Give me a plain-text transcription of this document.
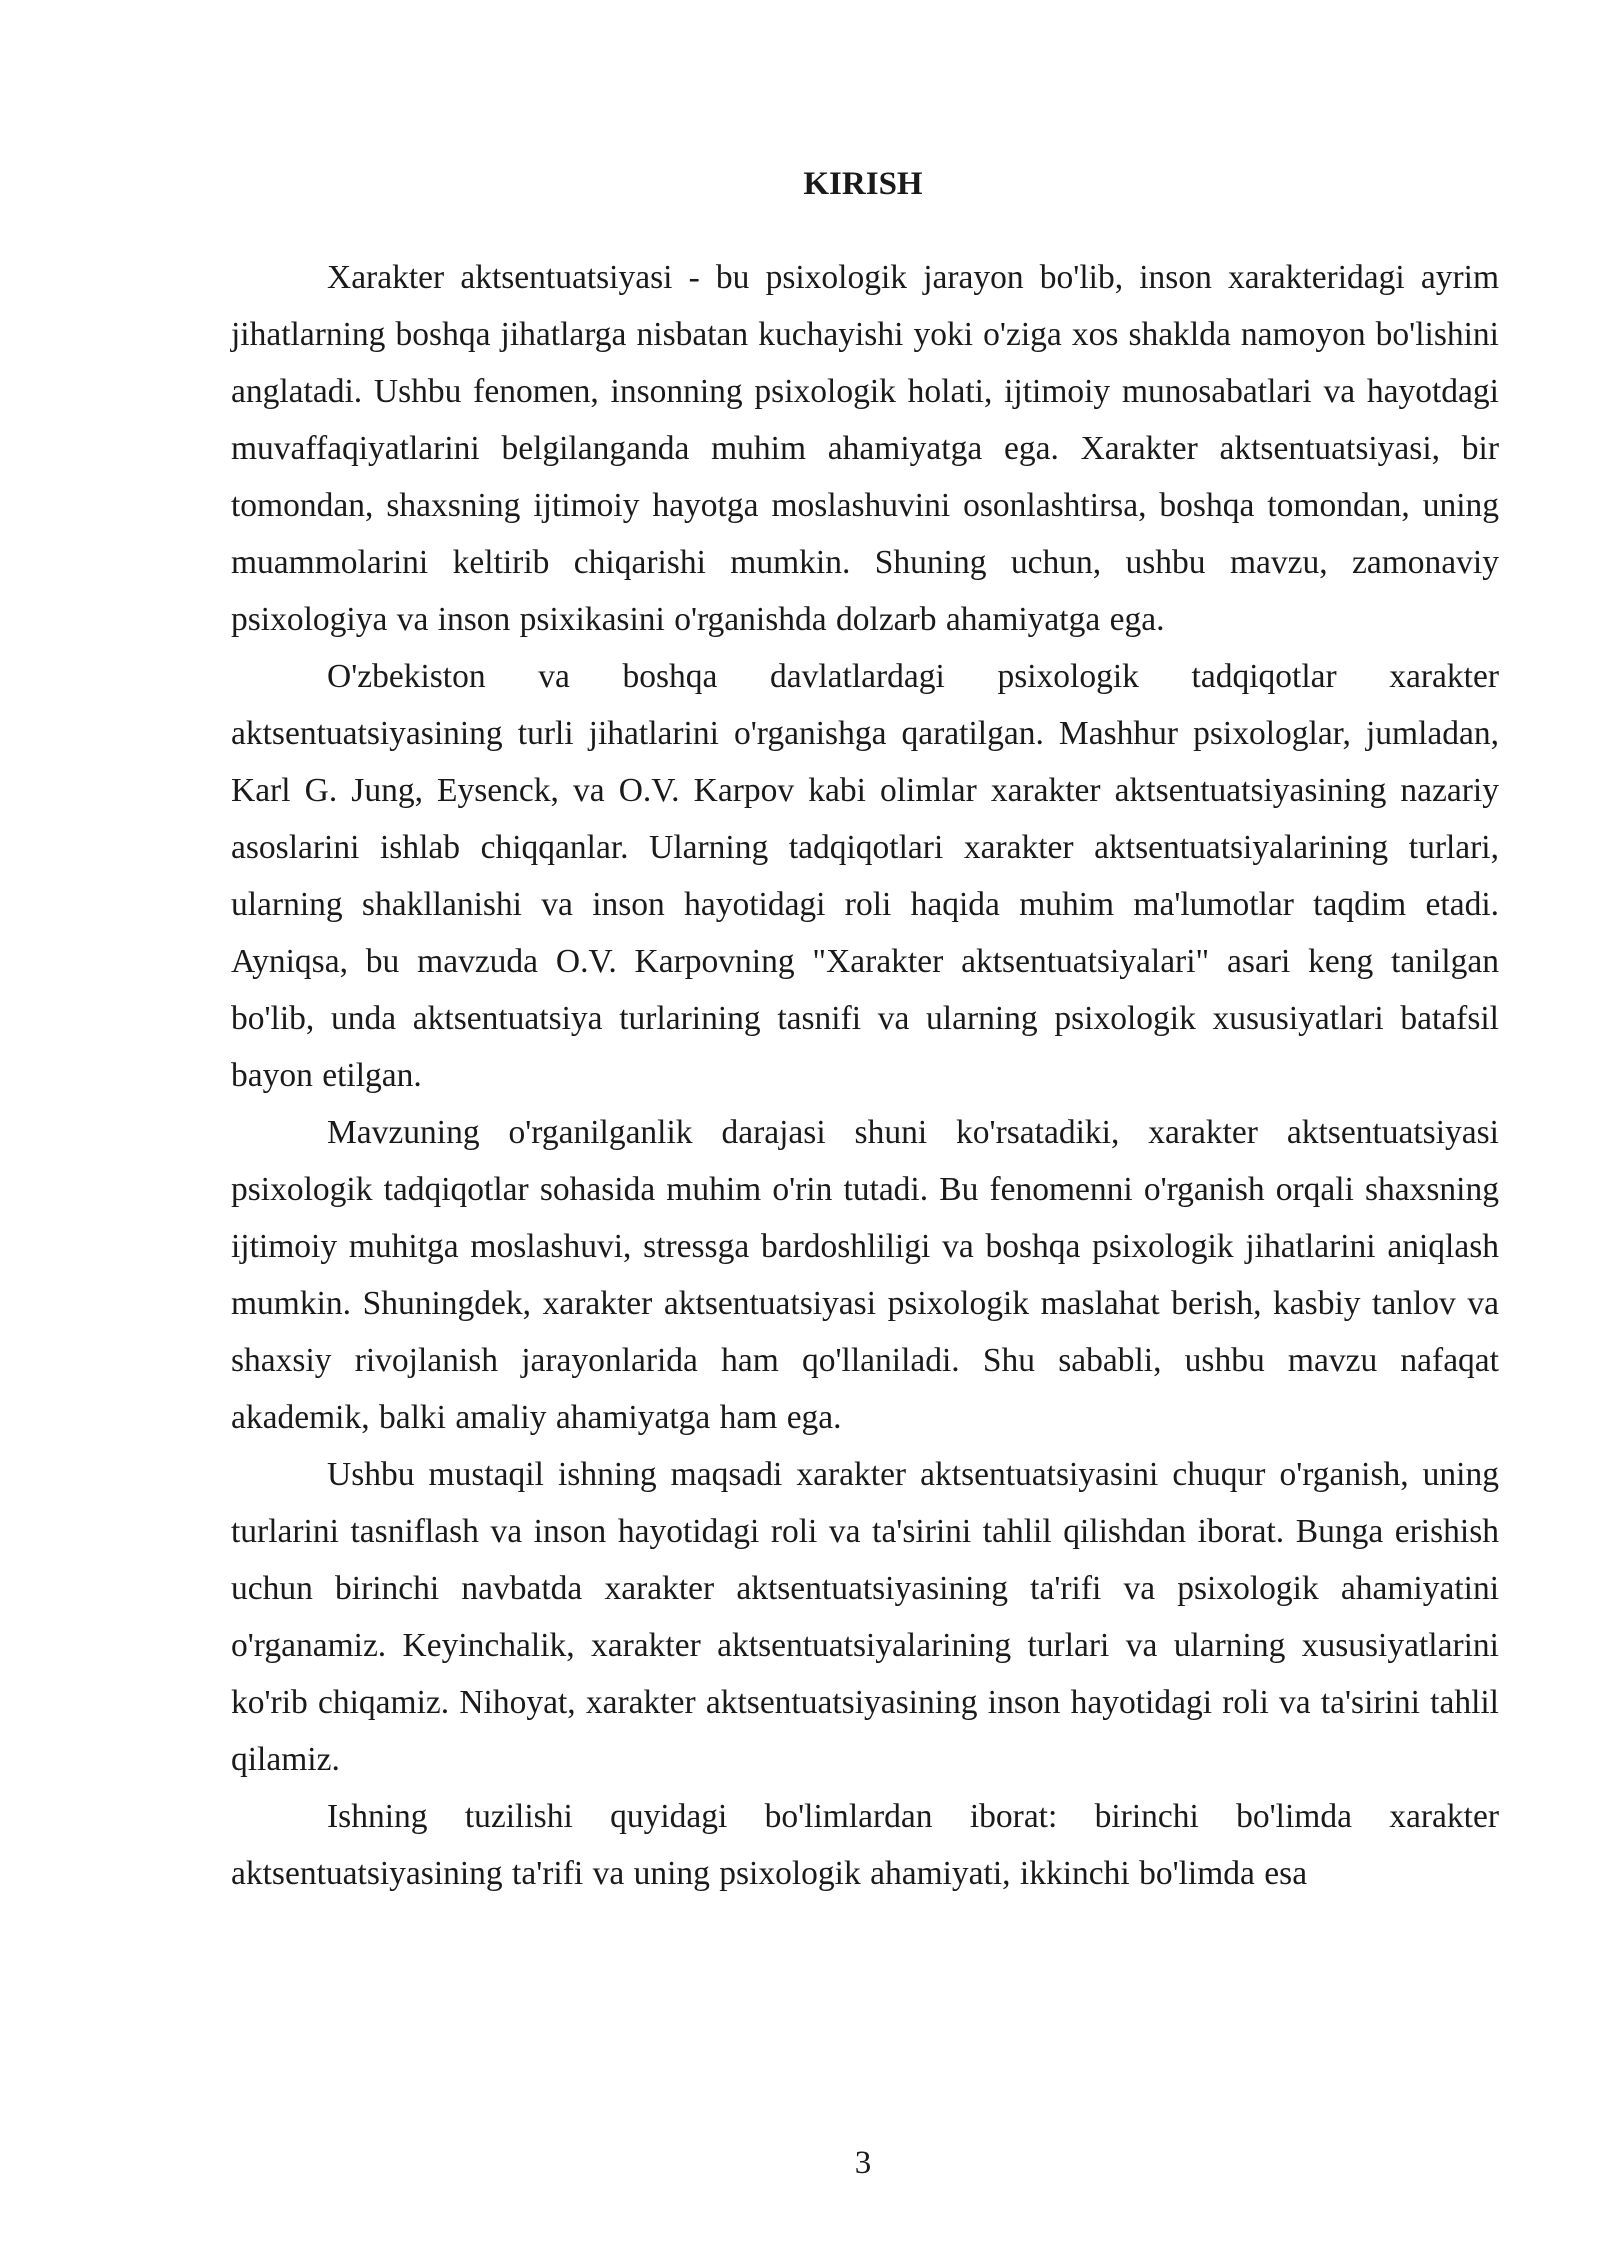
KIRISH

Xarakter aktsentuatsiyasi - bu psixologik jarayon bo'lib, inson xarakteridagi ayrim jihatlarning boshqa jihatlarga nisbatan kuchayishi yoki o'ziga xos shaklda namoyon bo'lishini anglatadi. Ushbu fenomen, insonning psixologik holati, ijtimoiy munosabatlari va hayotdagi muvaffaqiyatlarini belgilanganda muhim ahamiyatga ega. Xarakter aktsentuatsiyasi, bir tomondan, shaxsning ijtimoiy hayotga moslashuvini osonlashtirsa, boshqa tomondan, uning muammolarini keltirib chiqarishi mumkin. Shuning uchun, ushbu mavzu, zamonaviy psixologiya va inson psixikasini o'rganishda dolzarb ahamiyatga ega.

O'zbekiston va boshqa davlatlardagi psixologik tadqiqotlar xarakter aktsentuatsiyasining turli jihatlarini o'rganishga qaratilgan. Mashhur psixologlar, jumladan, Karl G. Jung, Eysenck, va O.V. Karpov kabi olimlar xarakter aktsentuatsiyasining nazariy asoslarini ishlab chiqqanlar. Ularning tadqiqotlari xarakter aktsentuatsiyalarining turlari, ularning shakllanishi va inson hayotidagi roli haqida muhim ma'lumotlar taqdim etadi. Ayniqsa, bu mavzuda O.V. Karpovning "Xarakter aktsentuatsiyalari" asari keng tanilgan bo'lib, unda aktsentuatsiya turlarining tasnifi va ularning psixologik xususiyatlari batafsil bayon etilgan.

Mavzuning o'rganilganlik darajasi shuni ko'rsatadiki, xarakter aktsentuatsiyasi psixologik tadqiqotlar sohasida muhim o'rin tutadi. Bu fenomenni o'rganish orqali shaxsning ijtimoiy muhitga moslashuvi, stressga bardoshliligi va boshqa psixologik jihatlarini aniqlash mumkin. Shuningdek, xarakter aktsentuatsiyasi psixologik maslahat berish, kasbiy tanlov va shaxsiy rivojlanish jarayonlarida ham qo'llaniladi. Shu sababli, ushbu mavzu nafaqat akademik, balki amaliy ahamiyatga ham ega.

Ushbu mustaqil ishning maqsadi xarakter aktsentuatsiyasini chuqur o'rganish, uning turlarini tasniflash va inson hayotidagi roli va ta'sirini tahlil qilishdan iborat. Bunga erishish uchun birinchi navbatda xarakter aktsentuatsiyasining ta'rifi va psixologik ahamiyatini o'rganamiz. Keyinchalik, xarakter aktsentuatsiyalarining turlari va ularning xususiyatlarini ko'rib chiqamiz. Nihoyat, xarakter aktsentuatsiyasining inson hayotidagi roli va ta'sirini tahlil qilamiz.

Ishning tuzilishi quyidagi bo'limlardan iborat: birinchi bo'limda xarakter aktsentuatsiyasining ta'rifi va uning psixologik ahamiyati, ikkinchi bo'limda esa

3
